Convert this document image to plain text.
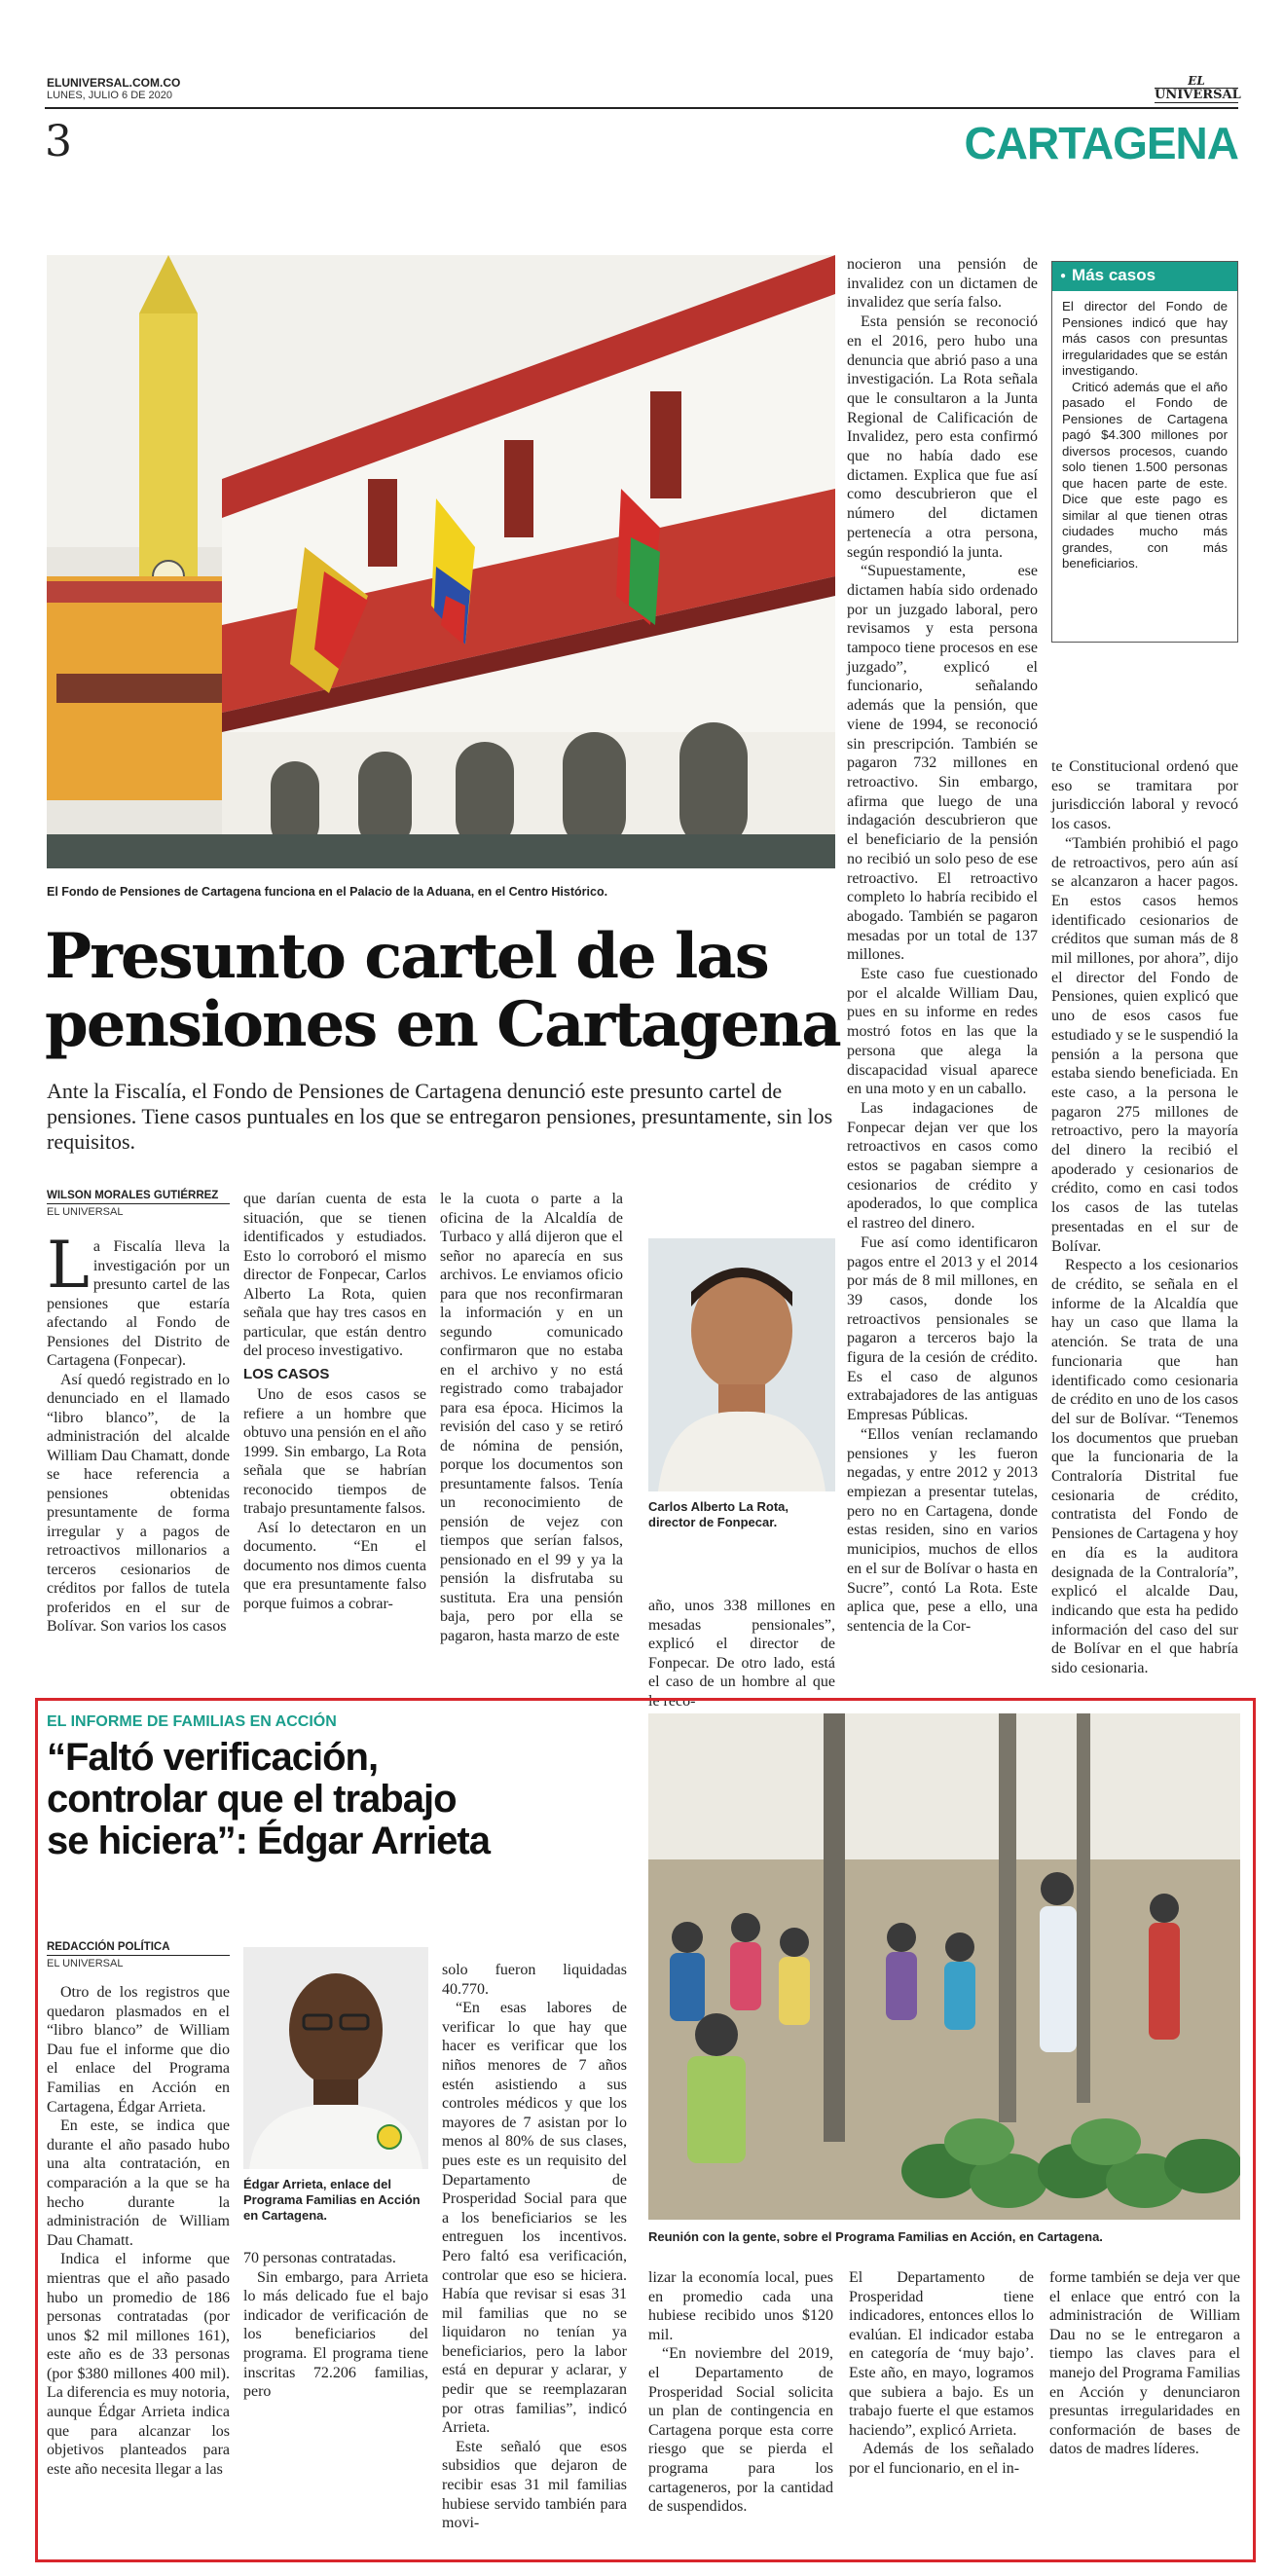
ELUNIVERSAL.COM.CO
LUNES, JULIO 6 DE 2020
EL
UNIVERSAL
3	CARTAGENA
El Fondo de Pensiones de Cartagena funciona en el Palacio de la Aduana, en el Centro Histórico.
Presunto cartel de las
pensiones en Cartagena
Ante la Fiscalía, el Fondo de Pensiones de Cartagena denunció este presunto cartel de pensiones. Tiene casos puntuales en los que se entregaron pensiones, presuntamente, sin los requisitos.
WILSON MORALES GUTIÉRREZ
EL UNIVERSAL

La Fiscalía lleva la investigación por un presunto cartel de las pensiones que estaría afectando al Fondo de Pensiones del Distrito de Cartagena (Fonpecar).

Así quedó registrado en lo denunciado en el llamado “libro blanco”, de la administración del alcalde William Dau Chamatt, donde se hace referencia a pensiones obtenidas presuntamente de forma irregular y a pagos de retroactivos millonarios a terceros cesionarios de créditos por fallos de tutela proferidos en el sur de Bolívar. Son varios los casos

que darían cuenta de esta situación, que se tienen identificados y estudiados. Esto lo corroboró el mismo director de Fonpecar, Carlos Alberto La Rota, quien señala que hay tres casos en particular, que están dentro del proceso investigativo.

LOS CASOS

Uno de esos casos se refiere a un hombre que obtuvo una pensión en el año 1999. Sin embargo, La Rota señala que se habrían reconocido tiempos de trabajo presuntamente falsos.

Así lo detectaron en un documento. “En el documento nos dimos cuenta que era presuntamente falso porque fuimos a cobrar-

le la cuota o parte a la oficina de la Alcaldía de Turbaco y allá dijeron que el señor no aparecía en sus archivos. Le enviamos oficio para que nos reconfirmaran la información y en un segundo comunicado confirmaron que no estaba en el archivo y no está registrado como trabajador para esa época. Hicimos la revisión del caso y se retiró de nómina de pensión, porque los documentos son presuntamente falsos. Tenía un reconocimiento de pensión de vejez con tiempos que serían falsos, pensionado en el 99 y ya la pensión la disfrutaba su sustituta. Era una pensión baja, pero por ella se pagaron, hasta marzo de este

Carlos Alberto La Rota, director de Fonpecar.

año, unos 338 millones en mesadas pensionales”, explicó el director de Fonpecar. De otro lado, está el caso de un hombre al que le reco-

nocieron una pensión de invalidez con un dictamen de invalidez que sería falso.

Esta pensión se reconoció en el 2016, pero hubo una denuncia que abrió paso a una investigación. La Rota señala que le consultaron a la Junta Regional de Calificación de Invalidez, pero esta confirmó que no había dado ese dictamen. Explica que fue así como descubrieron que el número del dictamen pertenecía a otra persona, según respondió la junta.

“Supuestamente, ese dictamen había sido ordenado por un juzgado laboral, pero revisamos y esta persona tampoco tiene procesos en ese juzgado”, explicó el funcionario, señalando además que la pensión, que viene de 1994, se reconoció sin prescripción. También se pagaron 732 millones en retroactivo. Sin embargo, afirma que luego de una indagación descubrieron que el beneficiario de la pensión no recibió un solo peso de ese retroactivo. El retroactivo completo lo habría recibido el abogado. También se pagaron mesadas por un total de 137 millones.

Este caso fue cuestionado por el alcalde William Dau, pues en su informe en redes mostró fotos en las que la persona que alega la discapacidad visual aparece en una moto y en un caballo.

Las indagaciones de Fonpecar dejan ver que los retroactivos en casos como estos se pagaban siempre a cesionarios de crédito y apoderados, lo que complica el rastreo del dinero.

Fue así como identificaron pagos entre el 2013 y el 2014 por más de 8 mil millones, en 39 casos, donde los retroactivos pensionales se pagaron a terceros bajo la figura de la cesión de crédito. Es el caso de algunos extrabajadores de las antiguas Empresas Públicas.

“Ellos venían reclamando pensiones y les fueron negadas, y entre 2012 y 2013 empiezan a presentar tutelas, pero no en Cartagena, donde estas residen, sino en varios municipios, muchos de ellos en el sur de Bolívar o hasta en Sucre”, contó La Rota. Este aplica que, pese a ello, una sentencia de la Cor-

● Más casos

El director del Fondo de Pensiones indicó que hay más casos con presuntas irregularidades que se están investigando.

Criticó además que el año pasado el Fondo de Pensiones de Cartagena pagó $4.300 millones por diversos procesos, cuando solo tienen 1.500 personas que hacen parte de este. Dice que este pago es similar al que tienen otras ciudades mucho más grandes, con más beneficiarios.

te Constitucional ordenó que eso se tramitara por jurisdicción laboral y revocó los casos.

“También prohibió el pago de retroactivos, pero aún así se alcanzaron a hacer pagos. En estos casos hemos identificado cesionarios de créditos que suman más de 8 mil millones, por ahora”, dijo el director del Fondo de Pensiones, quien explicó que uno de esos casos fue estudiado y se le suspendió la pensión a la persona que estaba siendo beneficiada. En este caso, a la persona le pagaron 275 millones de retroactivo, pero la mayoría del dinero la recibió el apoderado y cesionarios de crédito, como en casi todos los casos de las tutelas presentadas en el sur de Bolívar.

Respecto a los cesionarios de crédito, se señala en el informe de la Alcaldía que hay un caso que llama la atención. Se trata de una funcionaria que han identificado como cesionaria de crédito en uno de los casos del sur de Bolívar. “Tenemos los documentos que prueban que la funcionaria de la Contraloría Distrital fue cesionaria de crédito, contratista del Fondo de Pensiones de Cartagena y hoy en día es la auditora designada de la Contraloría”, explicó el alcalde Dau, indicando que esta ha pedido información del caso del sur de Bolívar en el que habría sido cesionaria.

EL INFORME DE FAMILIAS EN ACCIÓN
“Faltó verificación,
controlar que el trabajo
se hiciera”: Édgar Arrieta
REDACCIÓN POLÍTICA
EL UNIVERSAL

Otro de los registros que quedaron plasmados en el “libro blanco” de William Dau fue el informe que dio el enlace del Programa Familias en Acción en Cartagena, Édgar Arrieta.

En este, se indica que durante el año pasado hubo una alta contratación, en comparación a la que se ha hecho durante la administración de William Dau Chamatt.

Indica el informe que mientras que el año pasado hubo un promedio de 186 personas contratadas (por unos $2 mil millones 161), este año es de 33 personas (por $380 millones 400 mil). La diferencia es muy notoria, aunque Édgar Arrieta indica que para alcanzar los objetivos planteados para este año necesita llegar a las

Édgar Arrieta, enlace del Programa Familias en Acción en Cartagena.

70 personas contratadas.

Sin embargo, para Arrieta lo más delicado fue el bajo indicador de verificación de los beneficiarios del programa. El programa tiene inscritas 72.206 familias, pero

solo fueron liquidadas 40.770.

“En esas labores de verificar lo que hay que hacer es verificar que los niños menores de 7 años estén asistiendo a sus controles médicos y que los mayores de 7 asistan por lo menos al 80% de sus clases, pues este es un requisito del Departamento de Prosperidad Social para que a los beneficiarios se les entreguen los incentivos. Pero faltó esa verificación, controlar que eso se hiciera. Había que revisar si esas 31 mil familias que no se liquidaron no tenían ya beneficiarios, pero la labor está en depurar y aclarar, y pedir que se reemplazaran por otras familias”, indicó Arrieta.

Este señaló que esos subsidios que dejaron de recibir esas 31 mil familias hubiese servido también para movi-

Reunión con la gente, sobre el Programa Familias en Acción, en Cartagena.

lizar la economía local, pues en promedio cada una hubiese recibido unos $120 mil.

“En noviembre del 2019, el Departamento de Prosperidad Social solicita un plan de contingencia en Cartagena porque esta corre riesgo que se pierda el programa para los cartageneros, por la cantidad de suspendidos.

El Departamento de Prosperidad tiene indicadores, entonces ellos lo evalúan. El indicador estaba en categoría de ‘muy bajo’. Este año, en mayo, logramos que subiera a bajo. Es un trabajo fuerte el que estamos haciendo”, explicó Arrieta.

Además de los señalado por el funcionario, en el in-

forme también se deja ver que el enlace que entró con la administración de William Dau no se le entregaron a tiempo las claves para el manejo del Programa Familias en Acción y denunciaron presuntas irregularidades en conformación de bases de datos de madres líderes.
